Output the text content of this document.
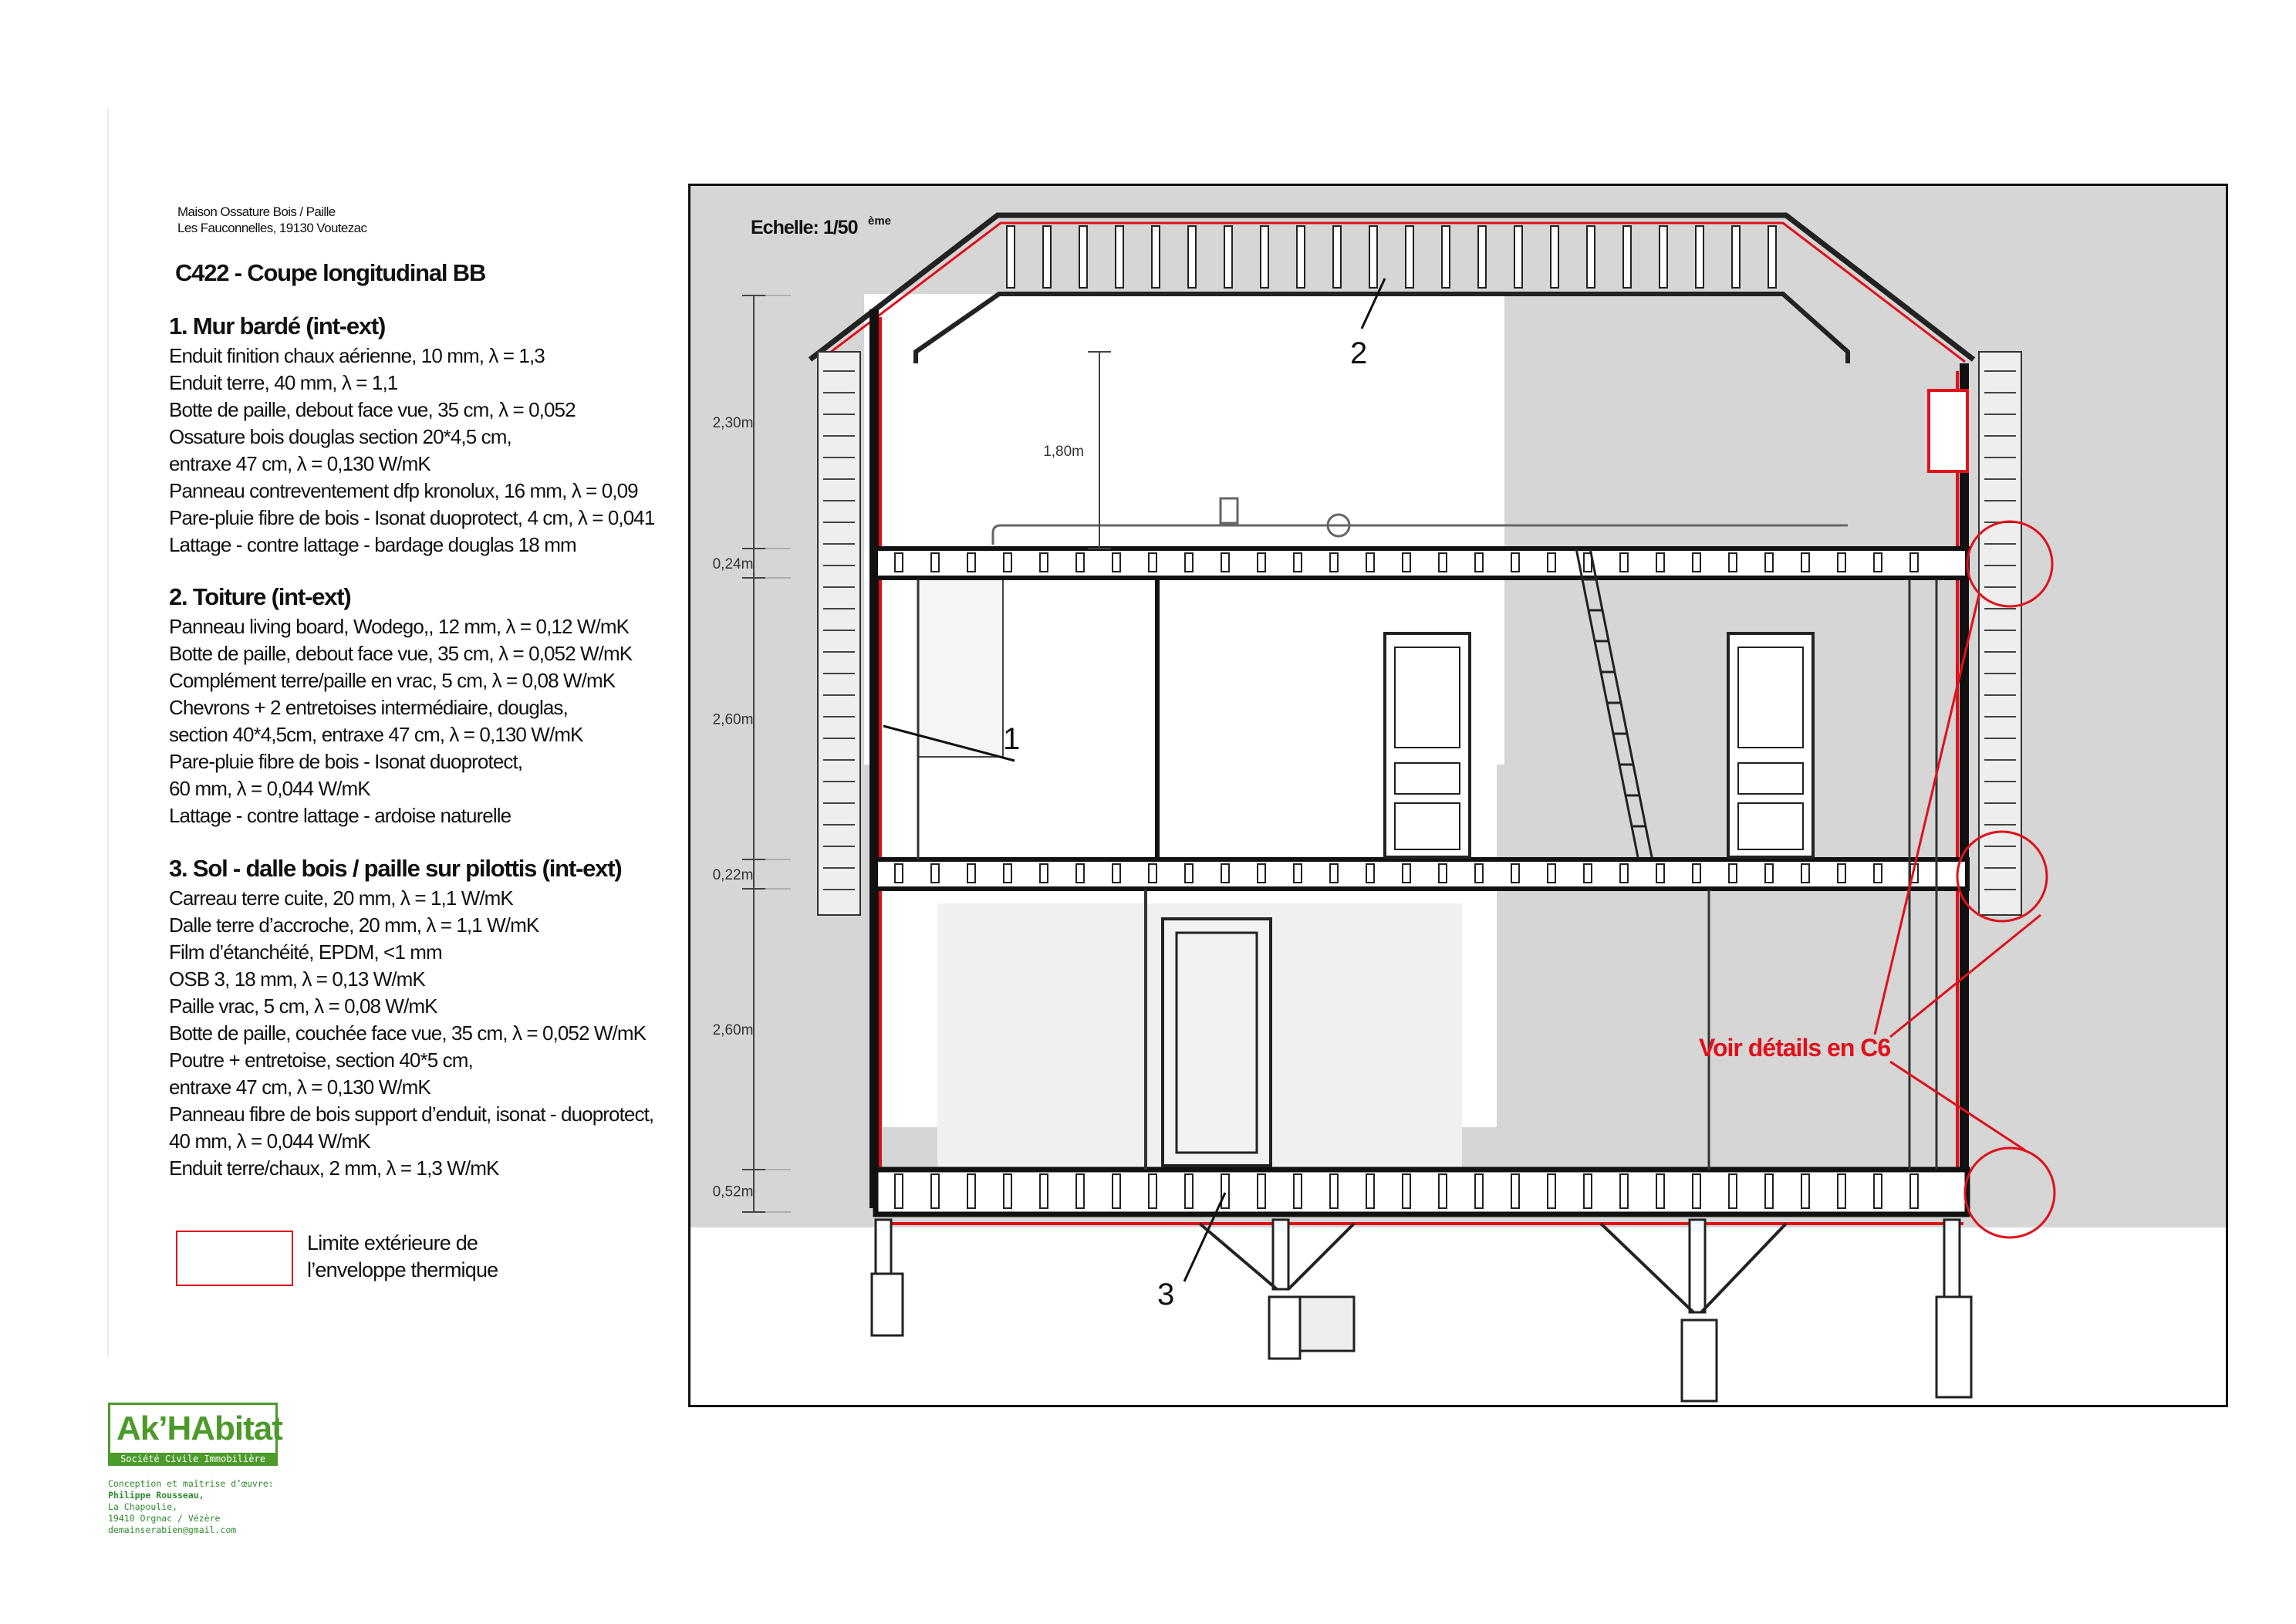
Maison Ossature Bois / Paille
Les Fauconnelles, 19130 Voutezac
C422 - Coupe longitudinal BB
1. Mur bardé (int-ext)
Enduit finition chaux aérienne, 10 mm, λ = 1,3
Enduit terre, 40 mm, λ = 1,1
Botte de paille, debout face vue, 35 cm, λ = 0,052
Ossature bois douglas section 20*4,5 cm,
entraxe 47 cm, λ = 0,130 W/mK
Panneau contreventement dfp kronolux, 16 mm, λ = 0,09
Pare-pluie fibre de bois - Isonat duoprotect, 4 cm, λ = 0,041
Lattage - contre lattage - bardage douglas 18 mm
2. Toiture (int-ext)
Panneau living board, Wodego,, 12 mm, λ = 0,12 W/mK
Botte de paille, debout face vue, 35 cm, λ = 0,052 W/mK
Complément terre/paille en vrac, 5 cm, λ = 0,08 W/mK
Chevrons + 2 entretoises intermédiaire, douglas,
section 40*4,5cm, entraxe 47 cm, λ = 0,130 W/mK
Pare-pluie fibre de bois - Isonat duoprotect,
60 mm, λ = 0,044 W/mK
Lattage - contre lattage - ardoise naturelle
3. Sol - dalle bois / paille sur pilottis (int-ext)
Carreau terre cuite, 20 mm, λ = 1,1 W/mK
Dalle terre d’accroche, 20 mm, λ = 1,1 W/mK
Film d’étanchéité, EPDM, <1 mm
OSB 3, 18 mm, λ = 0,13 W/mK
Paille vrac, 5 cm, λ = 0,08 W/mK
Botte de paille, couchée face vue, 35 cm, λ = 0,052 W/mK
Poutre + entretoise, section 40*5 cm,
entraxe 47 cm, λ = 0,130 W/mK
Panneau fibre de bois support d’enduit, isonat - duoprotect,
40 mm, λ = 0,044 W/mK
Enduit terre/chaux, 2 mm, λ = 1,3 W/mK
Limite extérieure de
l’enveloppe thermique
Ak’HAbitat
Société Civile Immobilière
Conception et maîtrise d’œuvre:
Philippe Rousseau,
La Chapoulie,
19410 Orgnac / Vézère
demainserabien@gmail.com
2,30m
0,24m
2,60m
0,22m
2,60m
0,52m
1,80m
Echelle: 1/50 ème
1
2
3
Voir détails en C6
